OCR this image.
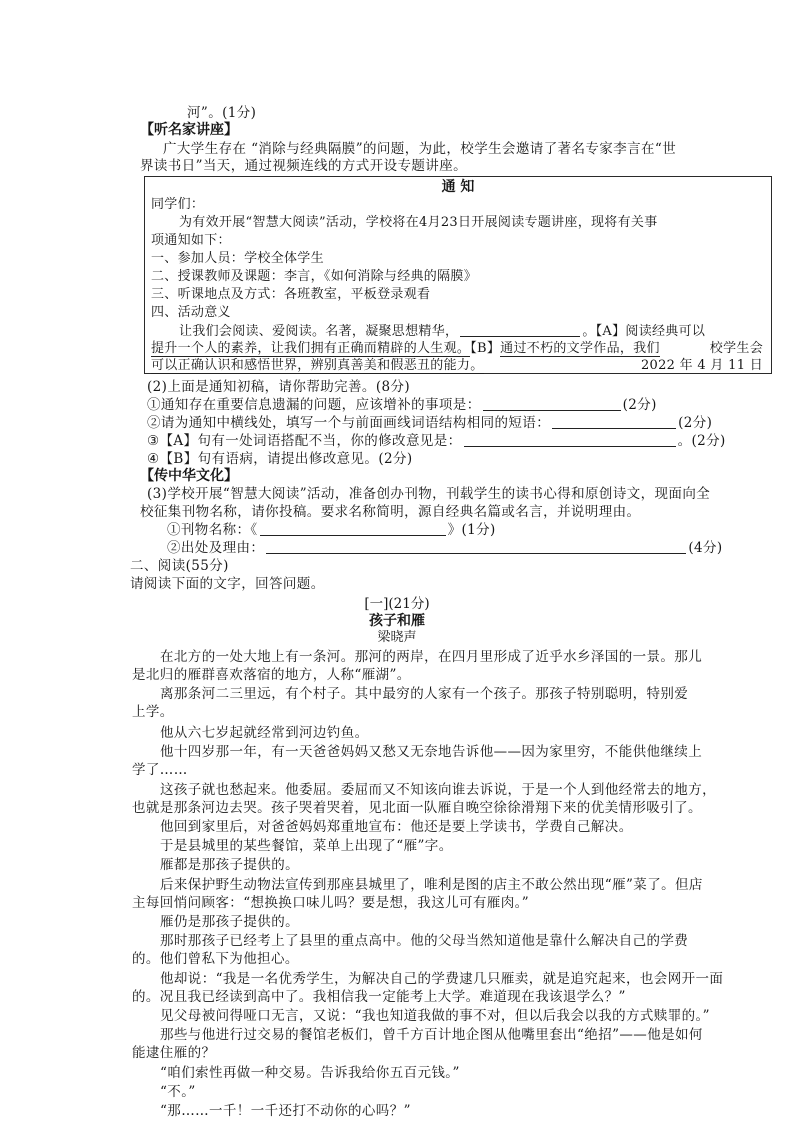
河”。(1分)
【听名家讲座】
广大学生存在 “消除与经典隔膜”的问题，为此，校学生会邀请了著名专家李言在“世
界读书日”当天，通过视频连线的方式开设专题讲座。
通 知
同学们：
为有效开展“智慧大阅读”活动，学校将在4月23日开展阅读专题讲座，现将有关事
项通知如下：
一、参加人员：学校全体学生
二、授课教师及课题：李言，《如何消除与经典的隔膜》
三、听课地点及方式：各班教室，平板登录观看
四、活动意义
让我们会阅读、爱阅读。名著，凝聚思想精华，	。【A】阅读经典可以
提升一个人的素养，让我们拥有正确而精辟的人生观。【B】通过不朽的文学作品，我们
可以正确认识和感悟世界，辨别真善美和假恶丑的能力。
校学生会
2022 年 4 月 11 日
(2)上面是通知初稿，请你帮助完善。(8分)
①通知存在重要信息遗漏的问题，应该增补的事项是：	(2分)
②请为通知中横线处，填写一个与前面画线词语结构相同的短语：	(2分)
③【A】句有一处词语搭配不当，你的修改意见是：	。(2分)
④【B】句有语病，请提出修改意见。(2分)
【传中华文化】
(3)学校开展“智慧大阅读”活动，准备创办刊物，刊载学生的读书心得和原创诗文，现面向全
校征集刊物名称，请你投稿。要求名称简明，源自经典名篇或名言，并说明理由。
①刊物名称：《	》(1分)
②出处及理由：	(4分)
二、阅读(55分)
请阅读下面的文字，回答问题。
[一](21分)
孩子和雁
梁晓声
在北方的一处大地上有一条河。那河的两岸，在四月里形成了近乎水乡泽国的一景。那儿
是北归的雁群喜欢落宿的地方，人称“雁湖”。
离那条河二三里远，有个村子。其中最穷的人家有一个孩子。那孩子特别聪明，特别爱
上学。
他从六七岁起就经常到河边钓鱼。
他十四岁那一年，有一天爸爸妈妈又愁又无奈地告诉他——因为家里穷，不能供他继续上
学了……
这孩子就也愁起来。他委屈。委屈而又不知该向谁去诉说，于是一个人到他经常去的地方，
也就是那条河边去哭。孩子哭着哭着，见北面一队雁自晚空徐徐滑翔下来的优美情形吸引了。
他回到家里后，对爸爸妈妈郑重地宣布：他还是要上学读书，学费自己解决。
于是县城里的某些餐馆，菜单上出现了“雁”字。
雁都是那孩子提供的。
后来保护野生动物法宣传到那座县城里了，唯利是图的店主不敢公然出现“雁”菜了。但店
主每回悄问顾客：“想换换口味儿吗？要是想，我这儿可有雁肉。”
雁仍是那孩子提供的。
那时那孩子已经考上了县里的重点高中。他的父母当然知道他是靠什么解决自己的学费
的。他们曾私下为他担心。
他却说：“我是一名优秀学生，为解决自己的学费逮几只雁卖，就是追究起来，也会网开一面
的。况且我已经读到高中了。我相信我一定能考上大学。难道现在我该退学么？”
见父母被问得哑口无言，又说：“我也知道我做的事不对，但以后我会以我的方式赎罪的。”
那些与他进行过交易的餐馆老板们，曾千方百计地企图从他嘴里套出“绝招”——他是如何
能逮住雁的？
“咱们索性再做一种交易。告诉我给你五百元钱。”
“不。”
“那……一千！一千还打不动你的心吗？”
